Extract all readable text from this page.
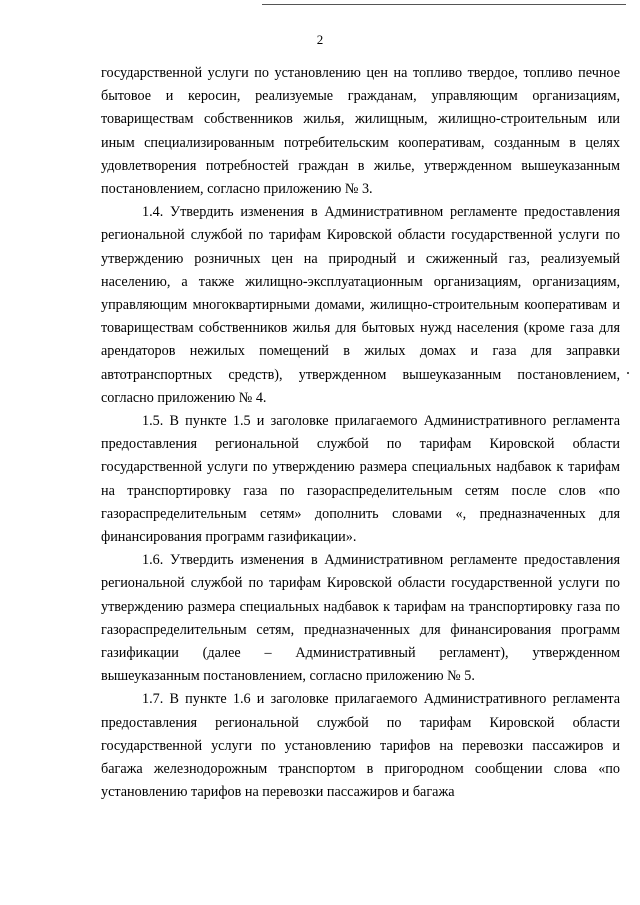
2

государственной услуги по установлению цен на топливо твердое, топливо печное бытовое и керосин, реализуемые гражданам, управляющим организациям, товариществам собственников жилья, жилищным, жилищно-строительным или иным специализированным потребительским кооперативам, созданным в целях удовлетворения потребностей граждан в жилье, утвержденном вышеуказанным постановлением, согласно приложению № 3.

1.4. Утвердить изменения в Административном регламенте предоставления региональной службой по тарифам Кировской области государственной услуги по утверждению розничных цен на природный и сжиженный газ, реализуемый населению, а также жилищно-эксплуатационным организациям, организациям, управляющим многоквартирными домами, жилищно-строительным кооперативам и товариществам собственников жилья для бытовых нужд населения (кроме газа для арендаторов нежилых помещений в жилых домах и газа для заправки автотранспортных средств), утвержденном вышеуказанным постановлением, согласно приложению № 4.

1.5. В пункте 1.5 и заголовке прилагаемого Административного регламента предоставления региональной службой по тарифам Кировской области государственной услуги по утверждению размера специальных надбавок к тарифам на транспортировку газа по газораспределительным сетям после слов «по газораспределительным сетям» дополнить словами «, предназначенных для финансирования программ газификации».

1.6. Утвердить изменения в Административном регламенте предоставления региональной службой по тарифам Кировской области государственной услуги по утверждению размера специальных надбавок к тарифам на транспортировку газа по газораспределительным сетям, предназначенных для финансирования программ газификации (далее – Административный регламент), утвержденном вышеуказанным постановлением, согласно приложению № 5.

1.7. В пункте 1.6 и заголовке прилагаемого Административного регламента предоставления региональной службой по тарифам Кировской области государственной услуги по установлению тарифов на перевозки пассажиров и багажа железнодорожным транспортом в пригородном сообщении слова «по установлению тарифов на перевозки пассажиров и багажа
